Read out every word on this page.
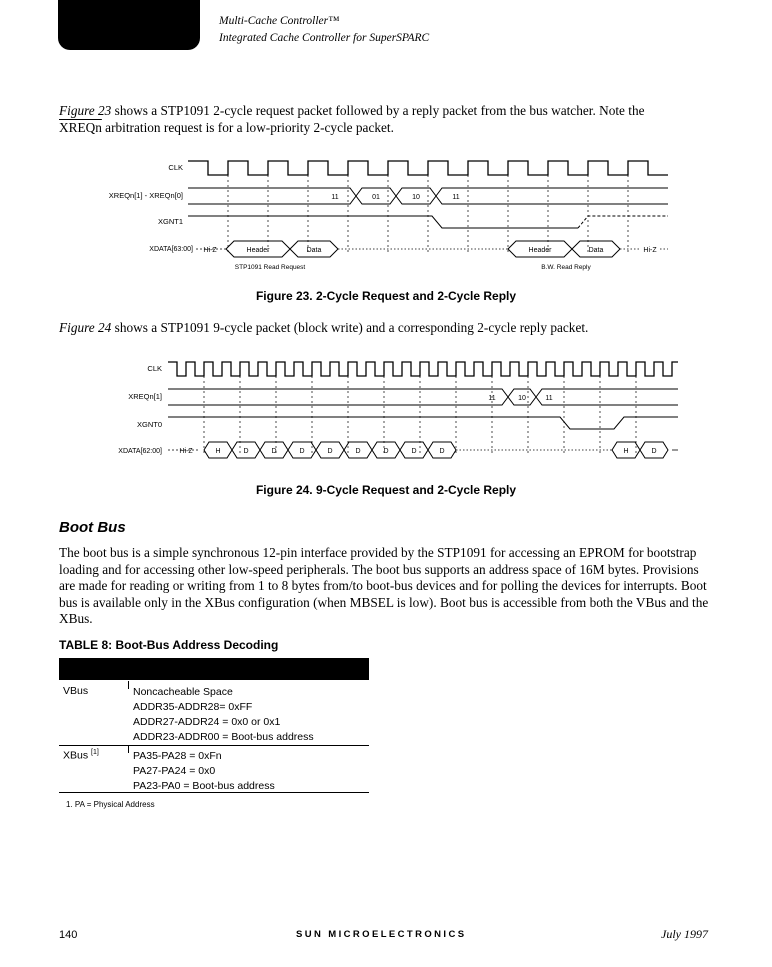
Multi-Cache Controller™
Integrated Cache Controller for SuperSPARC
Figure 23 shows a STP1091 2-cycle request packet followed by a reply packet from the bus watcher. Note the
XREQn arbitration request is for a low-priority 2-cycle packet.
CLK
XREQn[1] - XREQn[0]
XGNT1
XDATA[63:00]
11	01	10	11
Hi-Z	Header	Data	Header	Data	Hi-Z
STP1091 Read Request	B.W. Read Reply
Figure 23. 2-Cycle Request and 2-Cycle Reply
Figure 24 shows a STP1091 9-cycle packet (block write) and a corresponding 2-cycle reply packet.
CLK
XREQn[1]
XGNT0
XDATA[62:00]
11	10	11
Hi-Z	H	D	D	D	D	D	D	D	D	H	D
Figure 24. 9-Cycle Request and 2-Cycle Reply
Boot Bus
The boot bus is a simple synchronous 12-pin interface provided by the STP1091 for accessing an EPROM for bootstrap loading and for accessing other low-speed peripherals. The boot bus supports an address space of 16M bytes. Provisions are made for reading or writing from 1 to 8 bytes from/to boot-bus devices and for polling the devices for interrupts. Boot bus is available only in the XBus configuration (when MBSEL is low). Boot bus is accessible from both the VBus and the XBus.
TABLE 8: Boot-Bus Address Decoding
VBus	Noncacheable Space
ADDR35-ADDR28= 0xFF
ADDR27-ADDR24 = 0x0 or 0x1
ADDR23-ADDR00 = Boot-bus address
XBus [1]	PA35-PA28 = 0xFn
PA27-PA24 = 0x0
PA23-PA0 = Boot-bus address
1. PA = Physical Address
140	SUN MICROELECTRONICS	July 1997
